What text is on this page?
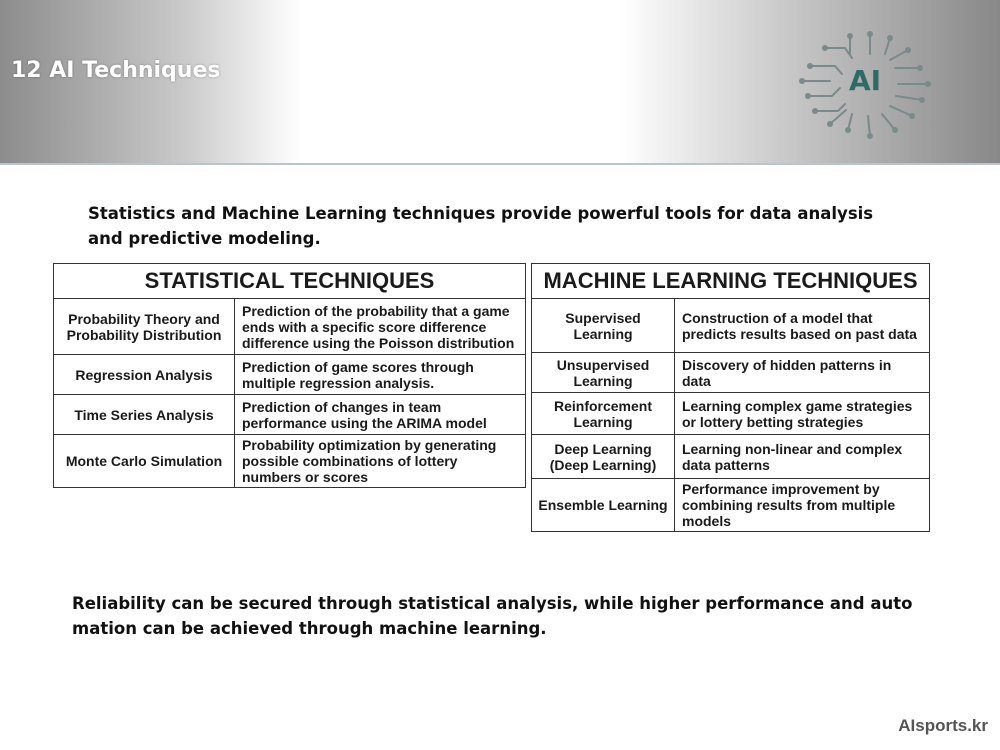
12 AI Techniques	AI
Statistics and Machine Learning techniques provide powerful tools for data analysis and predictive modeling.
STATISTICAL TECHNIQUES	
Probability Theory and Probability Distribution	Prediction of the probability that a game ends with a specific score difference difference using the Poisson distribution
Regression Analysis	Prediction of game scores through multiple regression analysis.
Time Series Analysis	Prediction of changes in team performance using the ARIMA model
Monte Carlo Simulation	Probability optimization by generating possible combinations of lottery numbers or scores
MACHINE LEARNING TECHNIQUES	
Supervised Learning	Construction of a model that predicts results based on past data
Unsupervised Learning	Discovery of hidden patterns in data
Reinforcement Learning	Learning complex game strategies or lottery betting strategies
Deep Learning (Deep Learning)	Learning non-linear and complex data patterns
Ensemble Learning	Performance improvement by combining results from multiple models
Reliability can be secured through statistical analysis, while higher performance and auto mation can be achieved through machine learning.
AIsports.kr
